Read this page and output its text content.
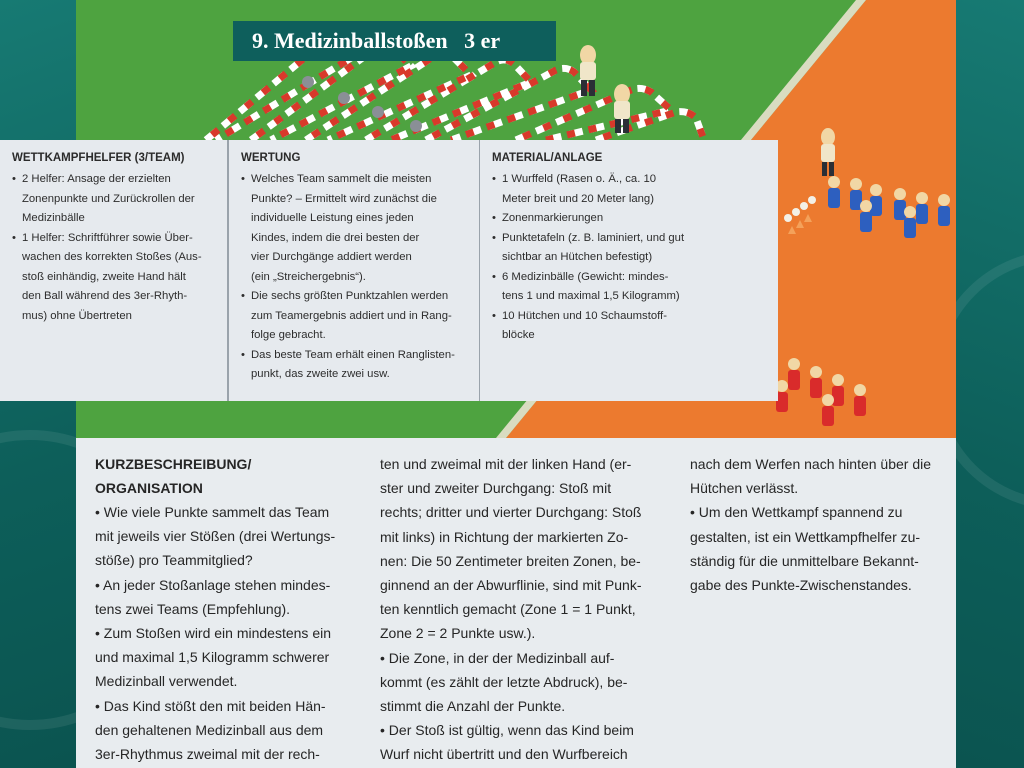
9. Medizinballstoßen   3 er
WERTUNG
• Welches Team sammelt die meisten
Punkte? – Ermittelt wird zunächst die
individuelle Leistung eines jeden
Kindes, indem die drei besten der
vier Durchgänge addiert werden
(ein „Streichergebnis“).
• Die sechs größten Punktzahlen werden
zum Teamergebnis addiert und in Rang-
folge gebracht.
• Das beste Team erhält einen Ranglisten-
punkt, das zweite zwei usw.
MATERIAL/ANLAGE
• 1 Wurffeld (Rasen o. Ä., ca. 10
Meter breit und 20 Meter lang)
• Zonenmarkierungen
• Punktetafeln (z. B. laminiert, und gut
sichtbar an Hütchen befestigt)
• 6 Medizinbälle (Gewicht: mindes-
tens 1 und maximal 1,5 Kilogramm)
• 10 Hütchen und 10 Schaumstoff-
blöcke
WETTKAMPFHELFER (3/TEAM)
• 2 Helfer: Ansage der erzielten
Zonenpunkte und Zurückrollen der
Medizinbälle
• 1 Helfer: Schriftführer sowie Über-
wachen des korrekten Stoßes (Aus-
stoß einhändig, zweite Hand hält
den Ball während des 3er-Rhyth-
mus) ohne Übertreten
KURZBESCHREIBUNG/
ORGANISATION

• Wie viele Punkte sammelt das Team
mit jeweils vier Stößen (drei Wertungs-
stöße) pro Teammitglied?

• An jeder Stoßanlage stehen mindes-
tens zwei Teams (Empfehlung).

• Zum Stoßen wird ein mindestens ein
und maximal 1,5 Kilogramm schwerer
Medizinball verwendet.

• Das Kind stößt den mit beiden Hän-
den gehaltenen Medizinball aus dem
3er-Rhythmus zweimal mit der rech-

ten und zweimal mit der linken Hand (er-
ster und zweiter Durchgang: Stoß mit
rechts; dritter und vierter Durchgang: Stoß
mit links) in Richtung der markierten Zo-
nen: Die 50 Zentimeter breiten Zonen, be-
ginnend an der Abwurflinie, sind mit Punk-
ten kenntlich gemacht (Zone 1 = 1 Punkt,
Zone 2 = 2 Punkte usw.).

• Die Zone, in der der Medizinball auf-
kommt (es zählt der letzte Abdruck), be-
stimmt die Anzahl der Punkte.

• Der Stoß ist gültig, wenn das Kind beim
Wurf nicht übertritt und den Wurfbereich

nach dem Werfen nach hinten über die
Hütchen verlässt.

• Um den Wettkampf spannend zu
gestalten, ist ein Wettkampfhelfer zu-
ständig für die unmittelbare Bekannt-
gabe des Punkte-Zwischenstandes.
